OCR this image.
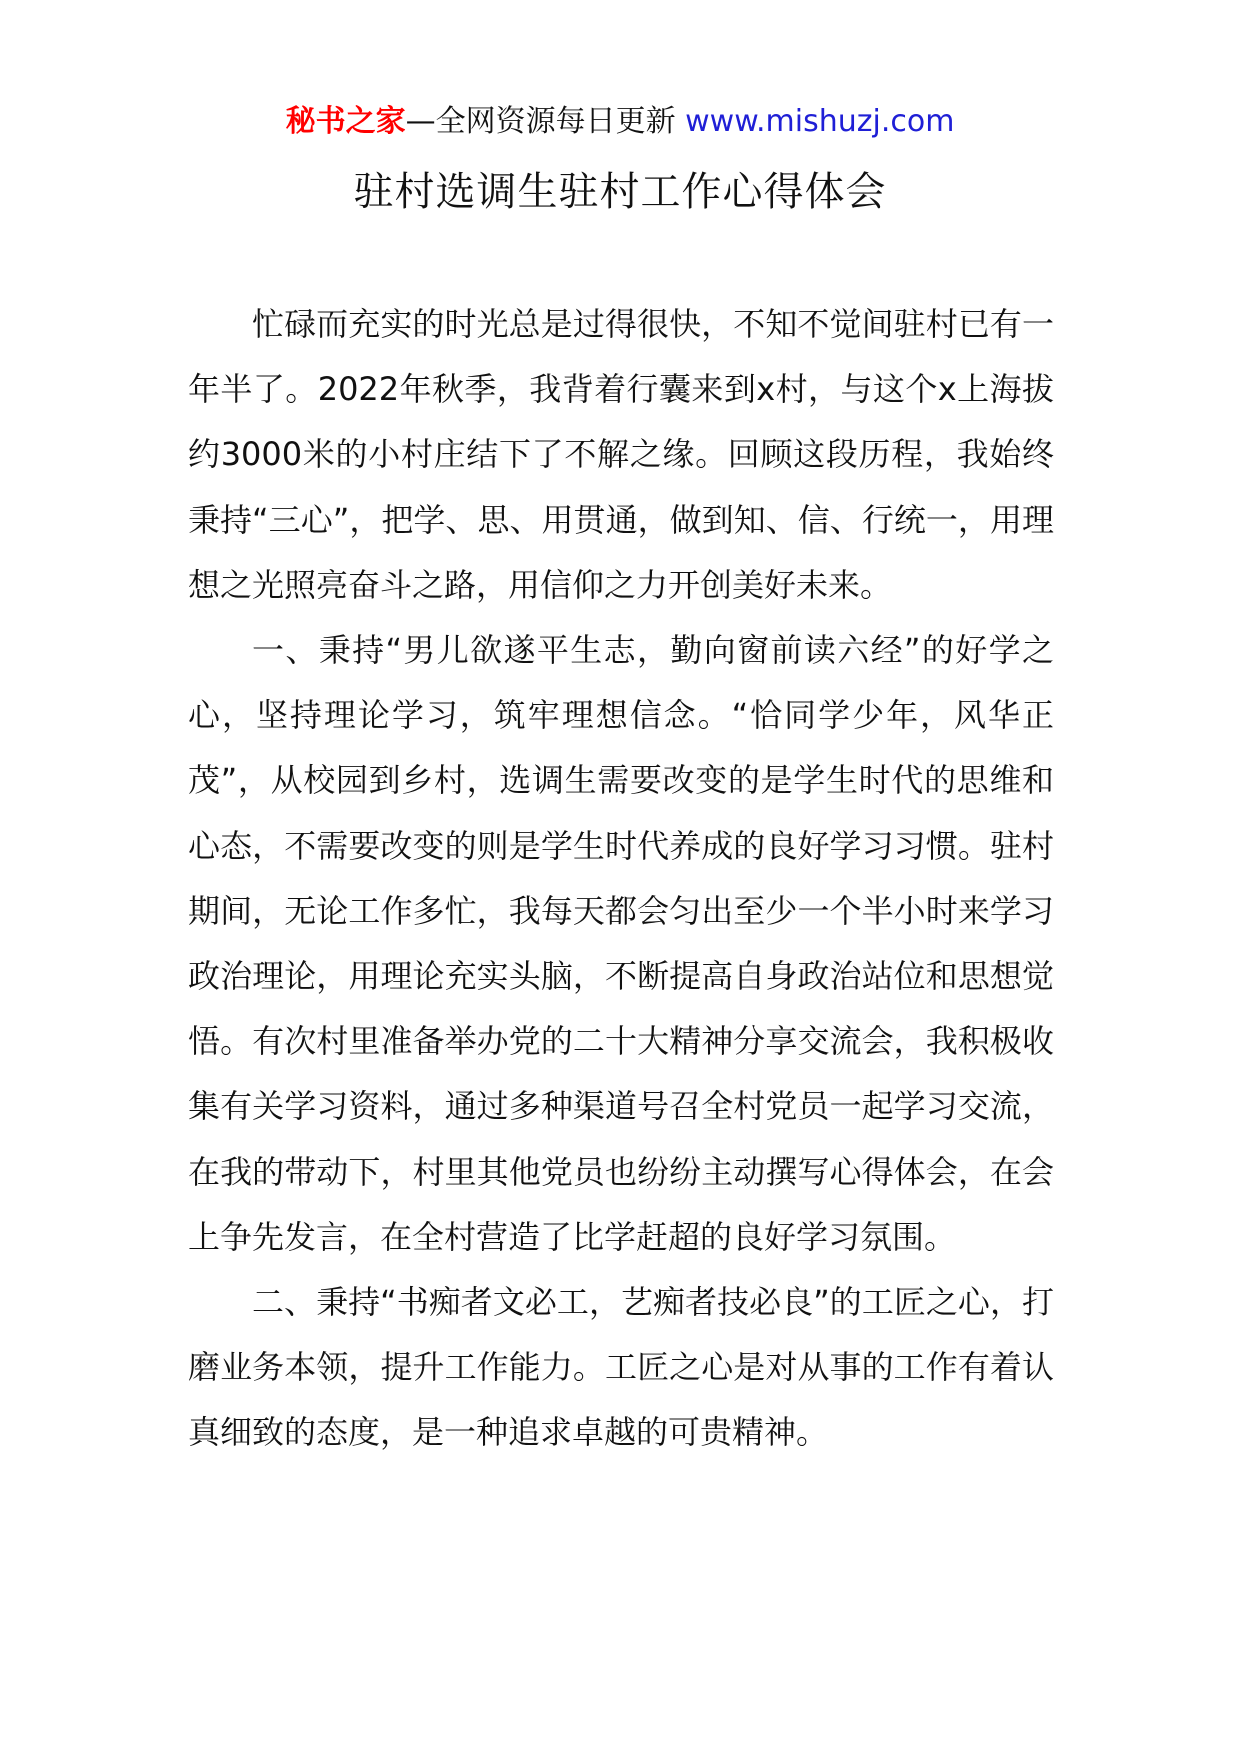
秘书之家—全网资源每日更新 www.mishuzj.com
驻村选调生驻村工作心得体会

忙碌而充实的时光总是过得很快，不知不觉间驻村已有一年半了。2022年秋季，我背着行囊来到x村，与这个x上海拔约3000米的小村庄结下了不解之缘。回顾这段历程，我始终秉持“三心”，把学、思、用贯通，做到知、信、行统一，用理想之光照亮奋斗之路，用信仰之力开创美好未来。

一、秉持“男儿欲遂平生志，勤向窗前读六经”的好学之心，坚持理论学习，筑牢理想信念。“恰同学少年，风华正茂”，从校园到乡村，选调生需要改变的是学生时代的思维和心态，不需要改变的则是学生时代养成的良好学习习惯。驻村期间，无论工作多忙，我每天都会匀出至少一个半小时来学习政治理论，用理论充实头脑，不断提高自身政治站位和思想觉悟。有次村里准备举办党的二十大精神分享交流会，我积极收集有关学习资料，通过多种渠道号召全村党员一起学习交流，在我的带动下，村里其他党员也纷纷主动撰写心得体会，在会上争先发言，在全村营造了比学赶超的良好学习氛围。

二、秉持“书痴者文必工，艺痴者技必良”的工匠之心，打磨业务本领，提升工作能力。工匠之心是对从事的工作有着认真细致的态度，是一种追求卓越的可贵精神。
